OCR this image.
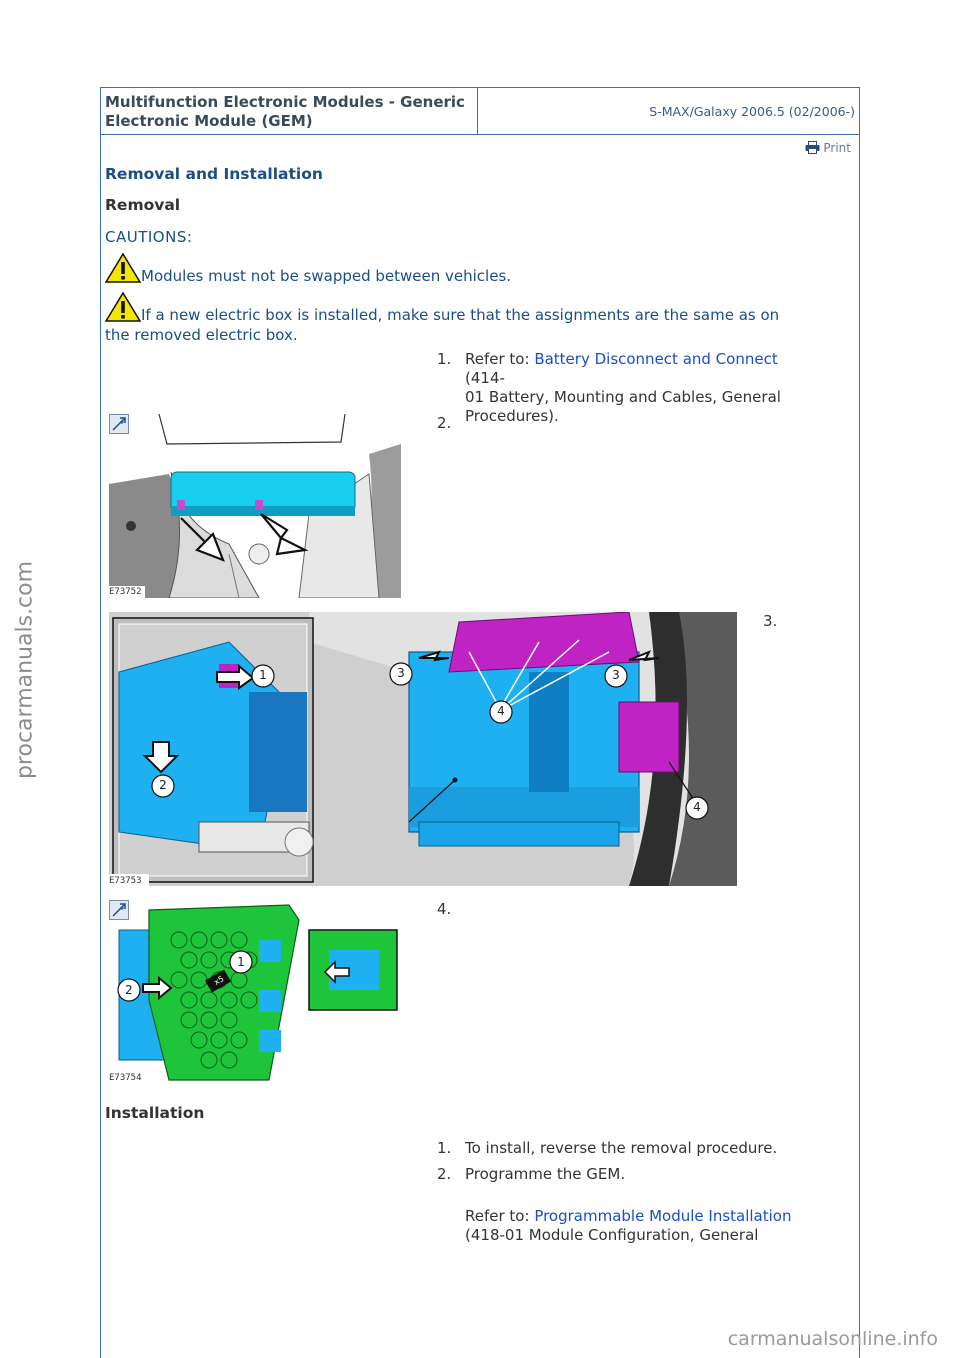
procarmanuals.com
Multifunction Electronic Modules - Generic
Electronic Module (GEM)
S-MAX/Galaxy 2006.5 (02/2006-)
Print
Removal and Installation
Removal
CAUTIONS:
Modules must not be swapped between vehicles.
If a new electric box is installed, make sure that the assignments are the same as on
the removed electric box.
1. Refer to: Battery Disconnect and Connect (414-
01 Battery, Mounting and Cables, General
Procedures).
E73752
2.
1
2
3	3
4
4
E73753
3.
1
2
x5
E73754
4.
Installation
1. To install, reverse the removal procedure.
2. Programme the GEM.
Refer to: Programmable Module Installation
(418-01 Module Configuration, General
carmanualsonline.info
